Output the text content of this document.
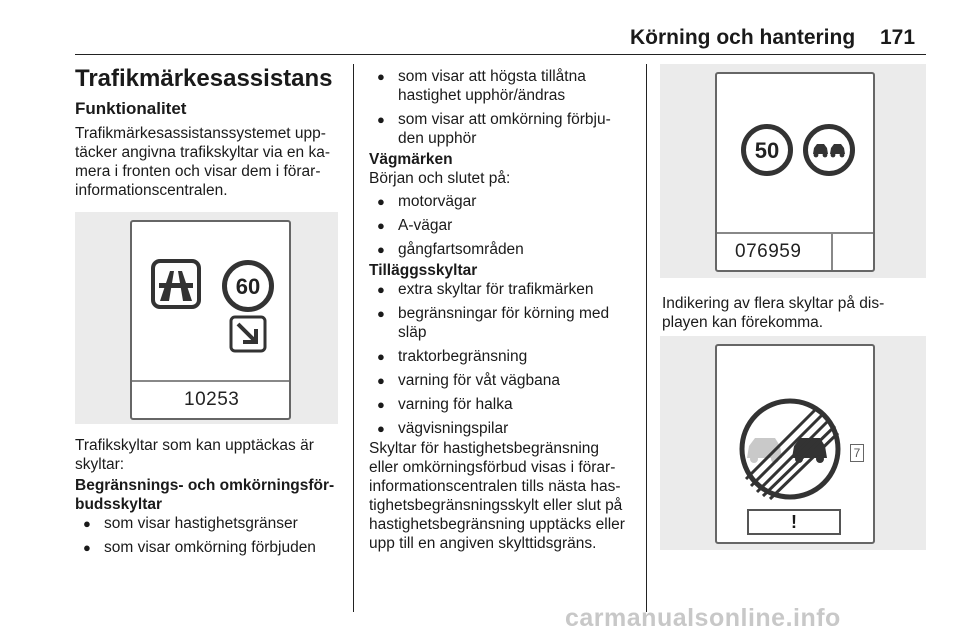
Körning och hantering 171

Trafikmärkesassistans

Funktionalitet

Trafikmärkesassistanssystemet upp-
täcker angivna trafikskyltar via en ka-
mera i fronten och visar dem i förar-
informationscentralen.

60
10253

Trafikskyltar som kan upptäckas är
skyltar:

Begränsnings- och omkörningsför-
budsskyltar

● som visar hastighetsgränser
● som visar omkörning förbjuden
● som visar att högsta tillåtna
hastighet upphör/ändras
● som visar att omkörning förbju-
den upphör

Vägmärken

Början och slutet på:

● motorvägar
● A-vägar
● gångfartsområden

Tilläggsskyltar

● extra skyltar för trafikmärken
● begränsningar för körning med
släp
● traktorbegränsning
● varning för våt vägbana
● varning för halka
● vägvisningspilar

Skyltar för hastighetsbegränsning
eller omkörningsförbud visas i förar-
informationscentralen tills nästa has-
tighetsbegränsningsskylt eller slut på
hastighetsbegränsning upptäcks eller
upp till en angiven skylttidsgräns.

50
076959

Indikering av flera skyltar på dis-
playen kan förekomma.

7
!
carmanualsonline.info
